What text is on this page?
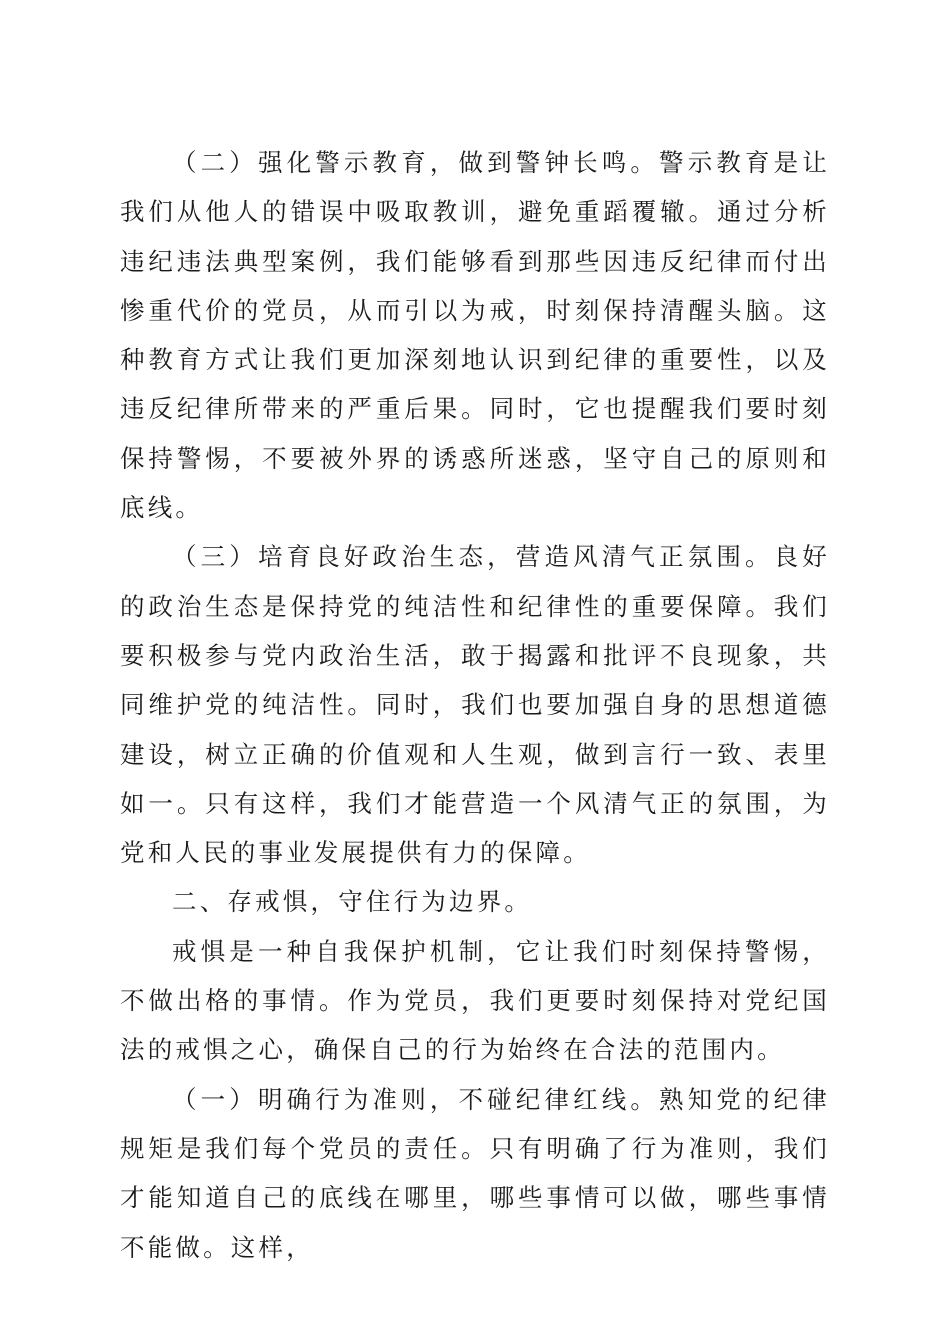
（二）强化警示教育，做到警钟长鸣。警示教育是让我们从他人的错误中吸取教训，避免重蹈覆辙。通过分析违纪违法典型案例，我们能够看到那些因违反纪律而付出惨重代价的党员，从而引以为戒，时刻保持清醒头脑。这种教育方式让我们更加深刻地认识到纪律的重要性，以及违反纪律所带来的严重后果。同时，它也提醒我们要时刻保持警惕，不要被外界的诱惑所迷惑，坚守自己的原则和底线。

（三）培育良好政治生态，营造风清气正氛围。良好的政治生态是保持党的纯洁性和纪律性的重要保障。我们要积极参与党内政治生活，敢于揭露和批评不良现象，共同维护党的纯洁性。同时，我们也要加强自身的思想道德建设，树立正确的价值观和人生观，做到言行一致、表里如一。只有这样，我们才能营造一个风清气正的氛围，为党和人民的事业发展提供有力的保障。

二、存戒惧，守住行为边界。

戒惧是一种自我保护机制，它让我们时刻保持警惕，不做出格的事情。作为党员，我们更要时刻保持对党纪国法的戒惧之心，确保自己的行为始终在合法的范围内。

（一）明确行为准则，不碰纪律红线。熟知党的纪律规矩是我们每个党员的责任。只有明确了行为准则，我们才能知道自己的底线在哪里，哪些事情可以做，哪些事情不能做。这样，
